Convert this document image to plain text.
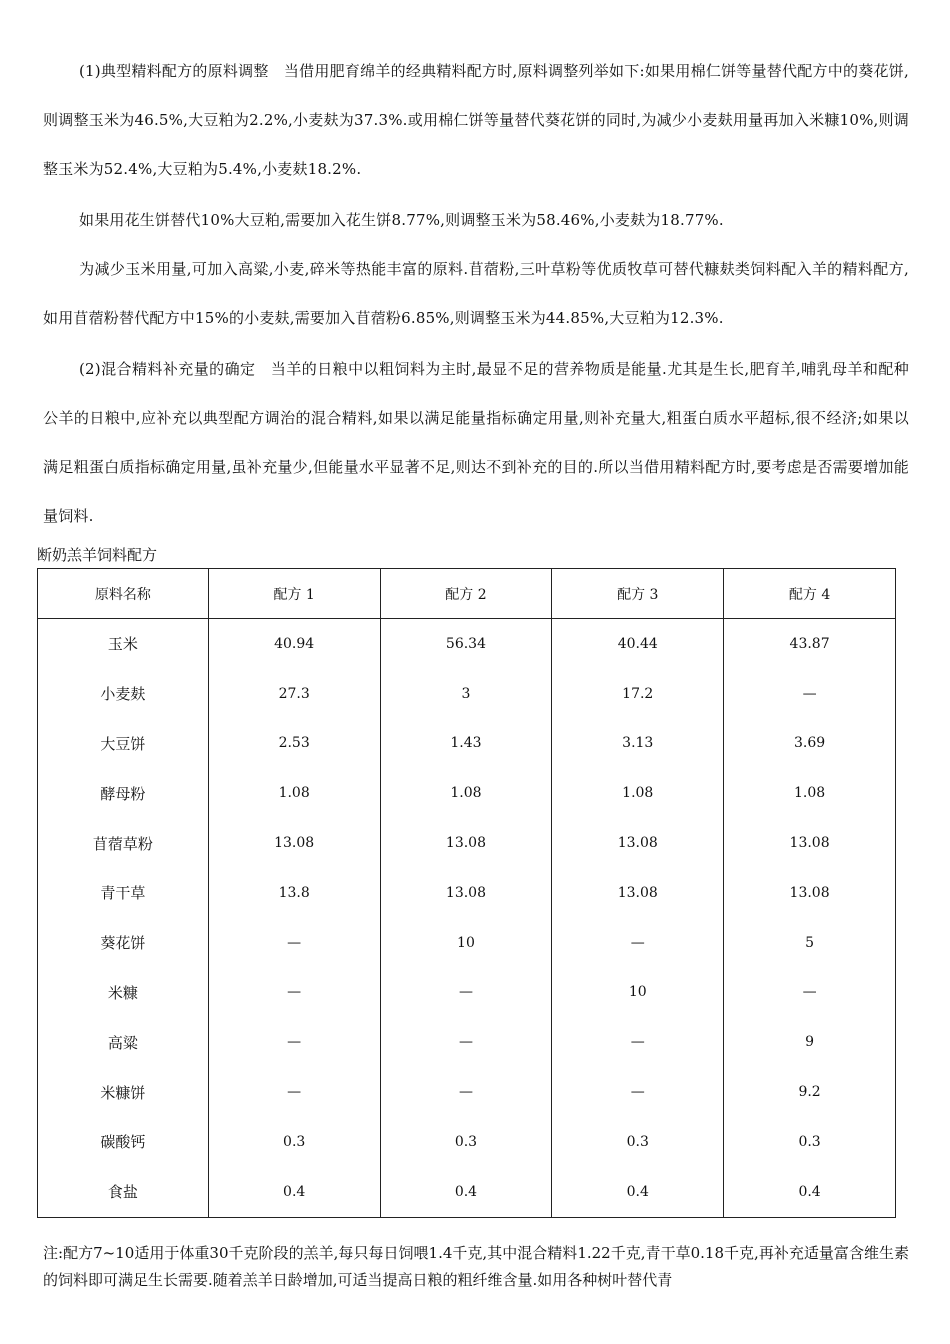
(1)典型精料配方的原料调整　当借用肥育绵羊的经典精料配方时,原料调整列举如下:如果用棉仁饼等量替代配方中的葵花饼,则调整玉米为46.5%,大豆粕为2.2%,小麦麸为37.3%.或用棉仁饼等量替代葵花饼的同时,为减少小麦麸用量再加入米糠10%,则调整玉米为52.4%,大豆粕为5.4%,小麦麸18.2%.

如果用花生饼替代10%大豆粕,需要加入花生饼8.77%,则调整玉米为58.46%,小麦麸为18.77%.

为减少玉米用量,可加入高粱,小麦,碎米等热能丰富的原料.苜蓿粉,三叶草粉等优质牧草可替代糠麸类饲料配入羊的精料配方,如用苜蓿粉替代配方中15%的小麦麸,需要加入苜蓿粉6.85%,则调整玉米为44.85%,大豆粕为12.3%.

(2)混合精料补充量的确定　当羊的日粮中以粗饲料为主时,最显不足的营养物质是能量.尤其是生长,肥育羊,哺乳母羊和配种公羊的日粮中,应补充以典型配方调治的混合精料,如果以满足能量指标确定用量,则补充量大,粗蛋白质水平超标,很不经济;如果以满足粗蛋白质指标确定用量,虽补充量少,但能量水平显著不足,则达不到补充的目的.所以当借用精料配方时,要考虑是否需要增加能量饲料.

断奶羔羊饲料配方

原料名称	配方 1	配方 2	配方 3	配方 4
玉米	40.94	56.34	40.44	43.87
小麦麸	27.3	3	17.2	—
大豆饼	2.53	1.43	3.13	3.69
酵母粉	1.08	1.08	1.08	1.08
苜蓿草粉	13.08	13.08	13.08	13.08
青干草	13.8	13.08	13.08	13.08
葵花饼	—	10	—	5
米糠	—	—	10	—
高粱	—	—	—	9
米糠饼	—	—	—	9.2
碳酸钙	0.3	0.3	0.3	0.3
食盐	0.4	0.4	0.4	0.4

注:配方7~10适用于体重30千克阶段的羔羊,每只每日饲喂1.4千克,其中混合精料1.22千克,青干草0.18千克,再补充适量富含维生素的饲料即可满足生长需要.随着羔羊日龄增加,可适当提高日粮的粗纤维含量.如用各种树叶替代青
